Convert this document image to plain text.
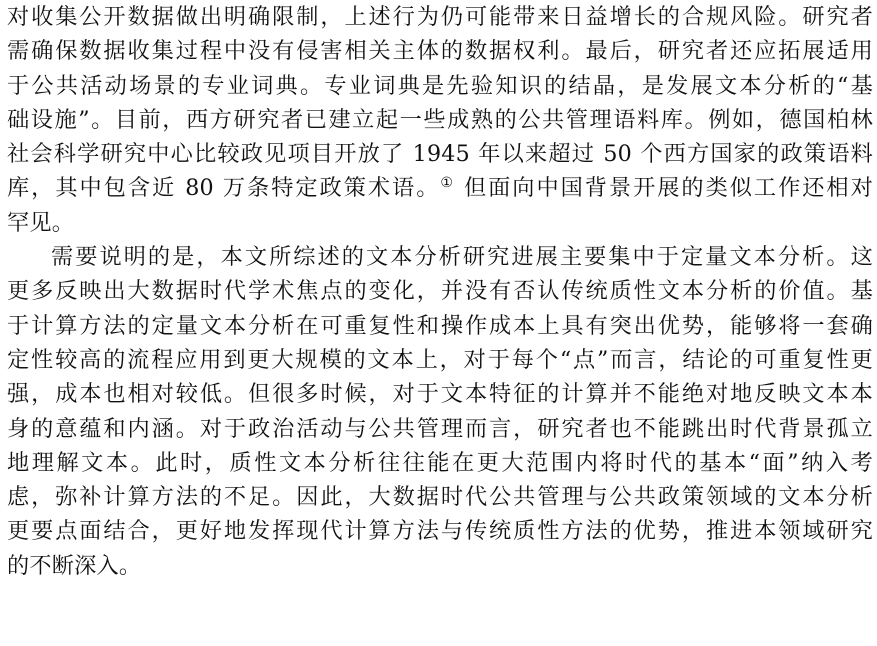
对收集公开数据做出明确限制，上述行为仍可能带来日益增长的合规风险。研究者
需确保数据收集过程中没有侵害相关主体的数据权利。最后，研究者还应拓展适用
于公共活动场景的专业词典。专业词典是先验知识的结晶，是发展文本分析的“基
础设施”。目前，西方研究者已建立起一些成熟的公共管理语料库。例如，德国柏林
社会科学研究中心比较政见项目开放了 1945 年以来超过 50 个西方国家的政策语料
库，其中包含近 80 万条特定政策术语。① 但面向中国背景开展的类似工作还相对
罕见。
需要说明的是，本文所综述的文本分析研究进展主要集中于定量文本分析。这
更多反映出大数据时代学术焦点的变化，并没有否认传统质性文本分析的价值。基
于计算方法的定量文本分析在可重复性和操作成本上具有突出优势，能够将一套确
定性较高的流程应用到更大规模的文本上，对于每个“点”而言，结论的可重复性更
强，成本也相对较低。但很多时候，对于文本特征的计算并不能绝对地反映文本本
身的意蕴和内涵。对于政治活动与公共管理而言，研究者也不能跳出时代背景孤立
地理解文本。此时，质性文本分析往往能在更大范围内将时代的基本“面”纳入考
虑，弥补计算方法的不足。因此，大数据时代公共管理与公共政策领域的文本分析
更要点面结合，更好地发挥现代计算方法与传统质性方法的优势，推进本领域研究
的不断深入。
